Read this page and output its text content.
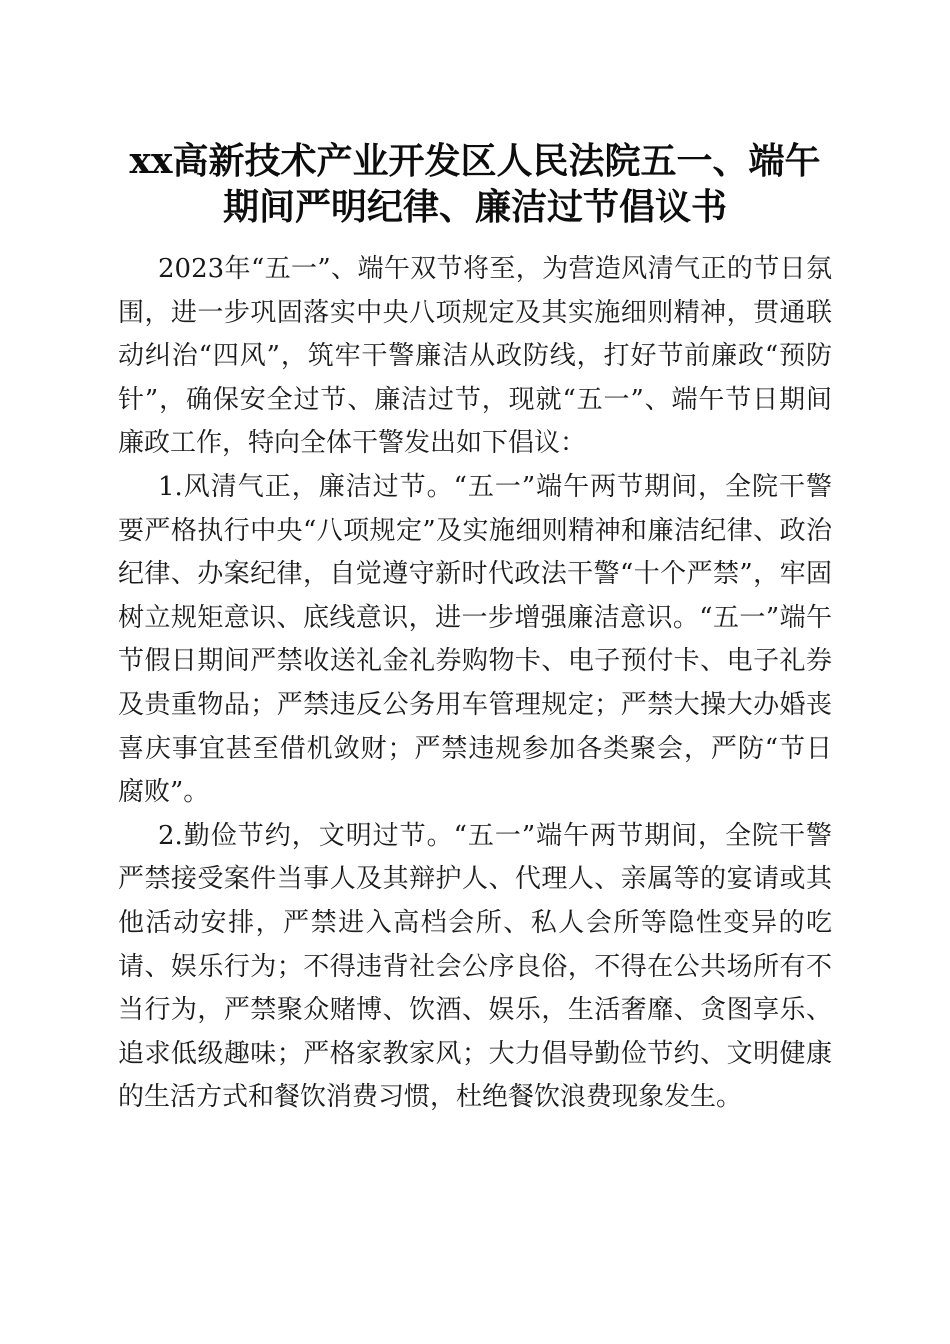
xx高新技术产业开发区人民法院五一、端午
期间严明纪律、廉洁过节倡议书

2023年“五一”、端午双节将至，为营造风清气正的节日氛围，进一步巩固落实中央八项规定及其实施细则精神，贯通联动纠治“四风”，筑牢干警廉洁从政防线，打好节前廉政“预防针”，确保安全过节、廉洁过节，现就“五一”、端午节日期间廉政工作，特向全体干警发出如下倡议：

1.风清气正，廉洁过节。“五一”端午两节期间，全院干警要严格执行中央“八项规定”及实施细则精神和廉洁纪律、政治纪律、办案纪律，自觉遵守新时代政法干警“十个严禁”，牢固树立规矩意识、底线意识，进一步增强廉洁意识。“五一”端午节假日期间严禁收送礼金礼券购物卡、电子预付卡、电子礼券及贵重物品；严禁违反公务用车管理规定；严禁大操大办婚丧喜庆事宜甚至借机敛财；严禁违规参加各类聚会，严防“节日腐败”。

2.勤俭节约，文明过节。“五一”端午两节期间，全院干警严禁接受案件当事人及其辩护人、代理人、亲属等的宴请或其他活动安排，严禁进入高档会所、私人会所等隐性变异的吃请、娱乐行为；不得违背社会公序良俗，不得在公共场所有不当行为，严禁聚众赌博、饮酒、娱乐，生活奢靡、贪图享乐、追求低级趣味；严格家教家风；大力倡导勤俭节约、文明健康的生活方式和餐饮消费习惯，杜绝餐饮浪费现象发生。
